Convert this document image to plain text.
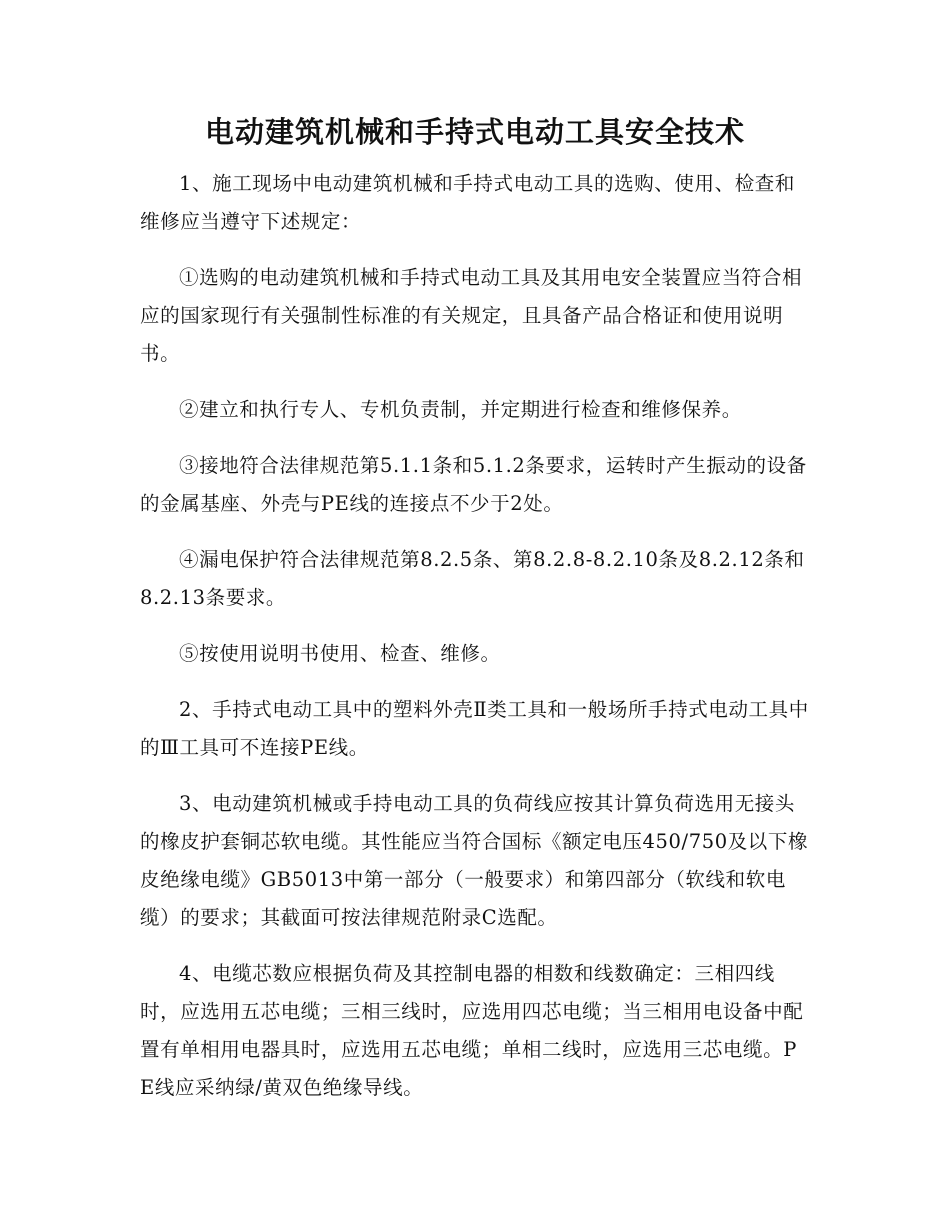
电动建筑机械和手持式电动工具安全技术

1、施工现场中电动建筑机械和手持式电动工具的选购、使用、检查和维修应当遵守下述规定：

①选购的电动建筑机械和手持式电动工具及其用电安全装置应当符合相应的国家现行有关强制性标准的有关规定，且具备产品合格证和使用说明书。

②建立和执行专人、专机负责制，并定期进行检查和维修保养。

③接地符合法律规范第5.1.1条和5.1.2条要求，运转时产生振动的设备的金属基座、外壳与PE线的连接点不少于2处。

④漏电保护符合法律规范第8.2.5条、第8.2.8-8.2.10条及8.2.12条和8.2.13条要求。

⑤按使用说明书使用、检查、维修。

2、手持式电动工具中的塑料外壳Ⅱ类工具和一般场所手持式电动工具中的Ⅲ工具可不连接PE线。

3、电动建筑机械或手持电动工具的负荷线应按其计算负荷选用无接头的橡皮护套铜芯软电缆。其性能应当符合国标《额定电压450/750及以下橡皮绝缘电缆》GB5013中第一部分（一般要求）和第四部分（软线和软电缆）的要求；其截面可按法律规范附录C选配。

4、电缆芯数应根据负荷及其控制电器的相数和线数确定：三相四线时，应选用五芯电缆；三相三线时，应选用四芯电缆；当三相用电设备中配置有单相用电器具时，应选用五芯电缆；单相二线时，应选用三芯电缆。PE线应采纳绿/黄双色绝缘导线。
